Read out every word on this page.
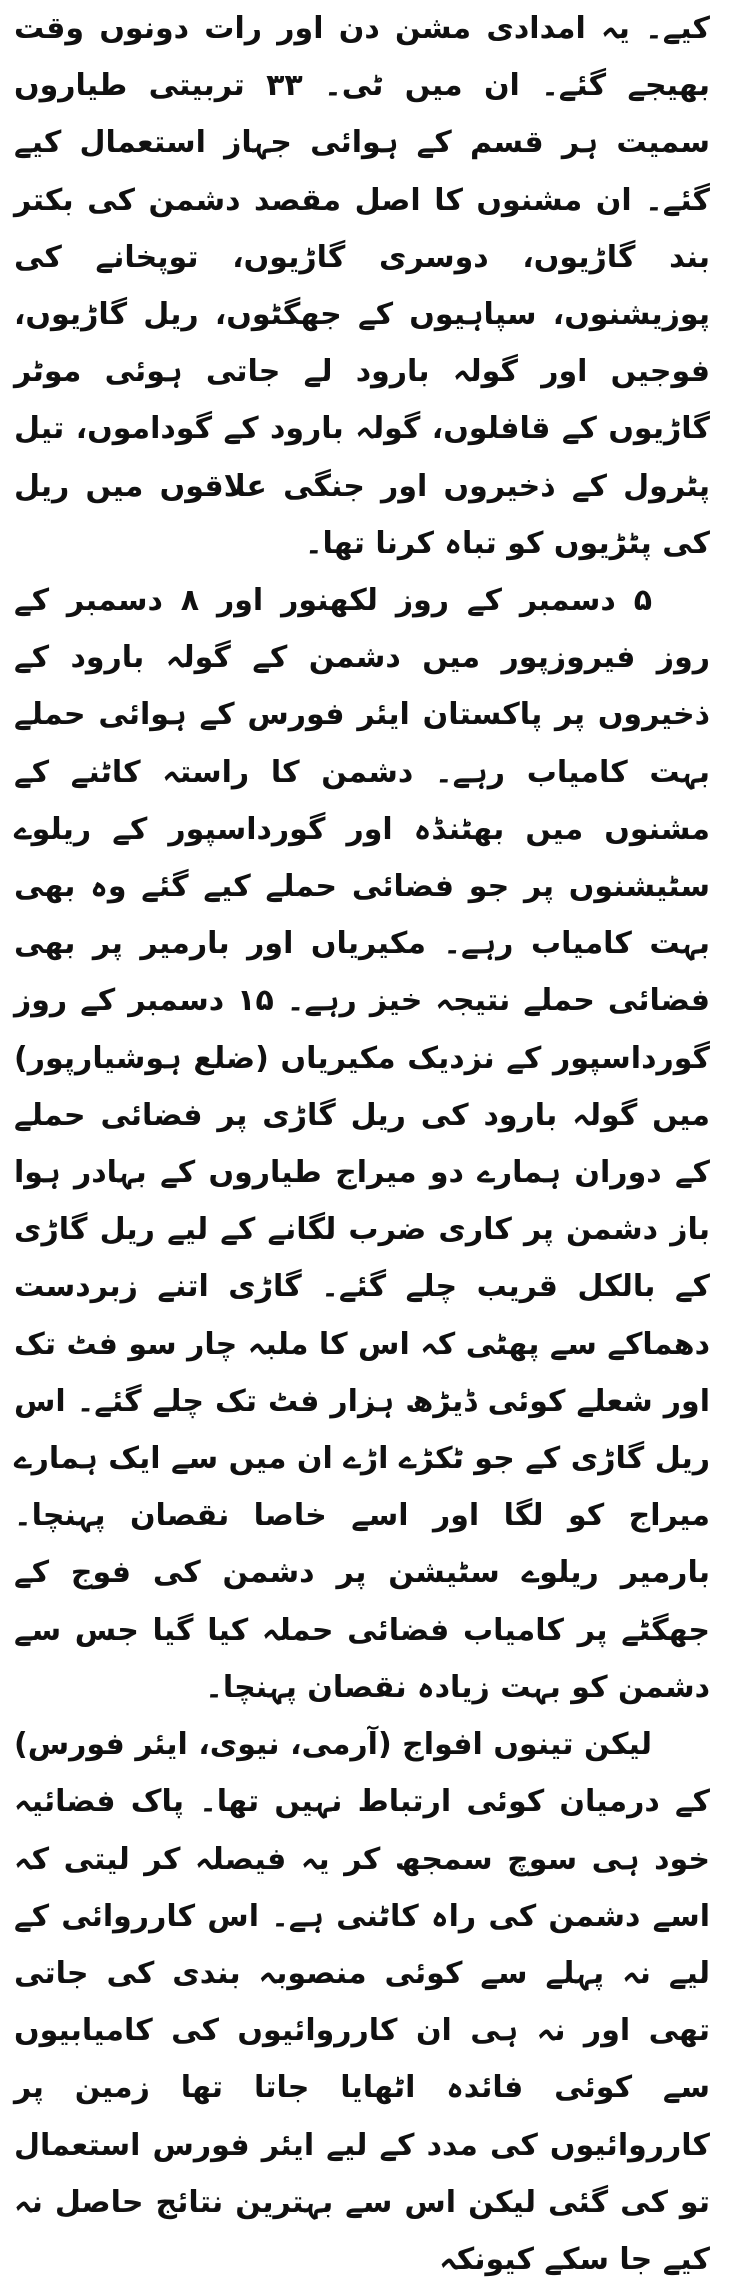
کیے۔ یہ امدادی مشن دن اور رات دونوں وقت بھیجے گئے۔ ان میں ٹی۔ ۳۳ تربیتی طیاروں سمیت ہر قسم کے ہوائی جہاز استعمال کیے گئے۔ ان مشنوں کا اصل مقصد دشمن کی بکتر بند گاڑیوں، دوسری گاڑیوں، توپخانے کی پوزیشنوں، سپاہیوں کے جھگٹوں، ریل گاڑیوں، فوجیں اور گولہ بارود لے جاتی ہوئی موٹر گاڑیوں کے قافلوں، گولہ بارود کے گوداموں، تیل پٹرول کے ذخیروں اور جنگی علاقوں میں ریل کی پٹڑیوں کو تباہ کرنا تھا۔

۵ دسمبر کے روز لکھنور اور ۸ دسمبر کے روز فیروزپور میں دشمن کے گولہ بارود کے ذخیروں پر پاکستان ایئر فورس کے ہوائی حملے بہت کامیاب رہے۔ دشمن کا راستہ کاٹنے کے مشنوں میں بھٹنڈہ اور گورداسپور کے ریلوے سٹیشنوں پر جو فضائی حملے کیے گئے وہ بھی بہت کامیاب رہے۔ مکیریاں اور بارمیر پر بھی فضائی حملے نتیجہ خیز رہے۔ ۱۵ دسمبر کے روز گورداسپور کے نزدیک مکیریاں (ضلع ہوشیارپور) میں گولہ بارود کی ریل گاڑی پر فضائی حملے کے دوران ہمارے دو میراج طیاروں کے بہادر ہوا باز دشمن پر کاری ضرب لگانے کے لیے ریل گاڑی کے بالکل قریب چلے گئے۔ گاڑی اتنے زبردست دھماکے سے پھٹی کہ اس کا ملبہ چار سو فٹ تک اور شعلے کوئی ڈیڑھ ہزار فٹ تک چلے گئے۔ اس ریل گاڑی کے جو ٹکڑے اڑے ان میں سے ایک ہمارے میراج کو لگا اور اسے خاصا نقصان پہنچا۔ بارمیر ریلوے سٹیشن پر دشمن کی فوج کے جھگٹے پر کامیاب فضائی حملہ کیا گیا جس سے دشمن کو بہت زیادہ نقصان پہنچا۔

لیکن تینوں افواج (آرمی، نیوی، ایئر فورس) کے درمیان کوئی ارتباط نہیں تھا۔ پاک فضائیہ خود ہی سوچ سمجھ کر یہ فیصلہ کر لیتی کہ اسے دشمن کی راہ کاٹنی ہے۔ اس کارروائی کے لیے نہ پہلے سے کوئی منصوبہ بندی کی جاتی تھی اور نہ ہی ان کارروائیوں کی کامیابیوں سے کوئی فائدہ اٹھایا جاتا تھا زمین پر کارروائیوں کی مدد کے لیے ایئر فورس استعمال تو کی گئی لیکن اس سے بہترین نتائج حاصل نہ کیے جا سکے کیونکہ
